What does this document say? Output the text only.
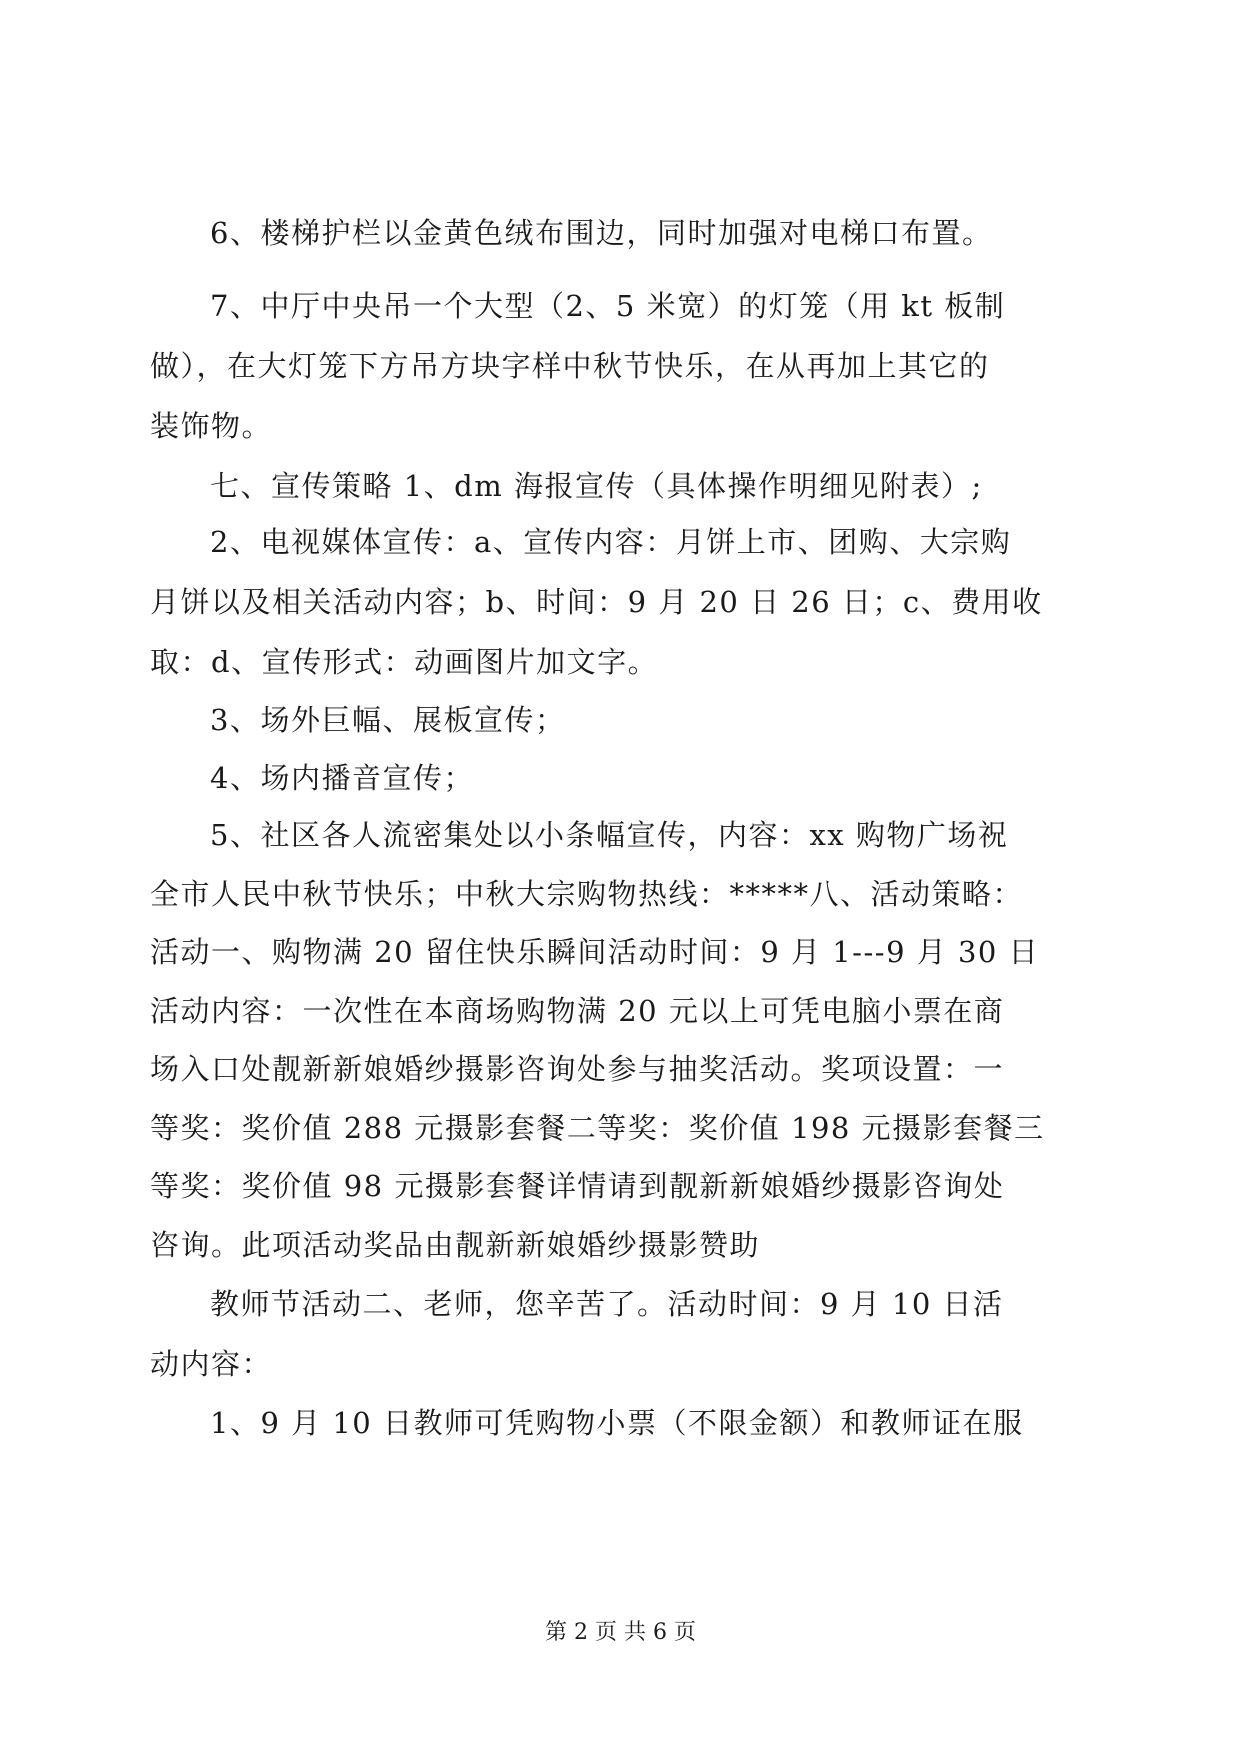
6、楼梯护栏以金黄色绒布围边，同时加强对电梯口布置。
7、中厅中央吊一个大型（2、5 米宽）的灯笼（用 kt 板制
做），在大灯笼下方吊方块字样中秋节快乐，在从再加上其它的
装饰物。
七、宣传策略 1、dm 海报宣传（具体操作明细见附表）;
2、电视媒体宣传：a、宣传内容：月饼上市、团购、大宗购
月饼以及相关活动内容；b、时间：9 月 20 日 26 日；c、费用收
取：d、宣传形式：动画图片加文字。
3、场外巨幅、展板宣传；
4、场内播音宣传；
5、社区各人流密集处以小条幅宣传，内容：xx 购物广场祝
全市人民中秋节快乐；中秋大宗购物热线：*****八、活动策略：
活动一、购物满 20 留住快乐瞬间活动时间：9 月 1---9 月 30 日
活动内容：一次性在本商场购物满 20 元以上可凭电脑小票在商
场入口处靓新新娘婚纱摄影咨询处参与抽奖活动。奖项设置：一
等奖：奖价值 288 元摄影套餐二等奖：奖价值 198 元摄影套餐三
等奖：奖价值 98 元摄影套餐详情请到靓新新娘婚纱摄影咨询处
咨询。此项活动奖品由靓新新娘婚纱摄影赞助
教师节活动二、老师，您辛苦了。活动时间：9 月 10 日活
动内容：
1、9 月 10 日教师可凭购物小票（不限金额）和教师证在服
第 2 页 共 6 页
